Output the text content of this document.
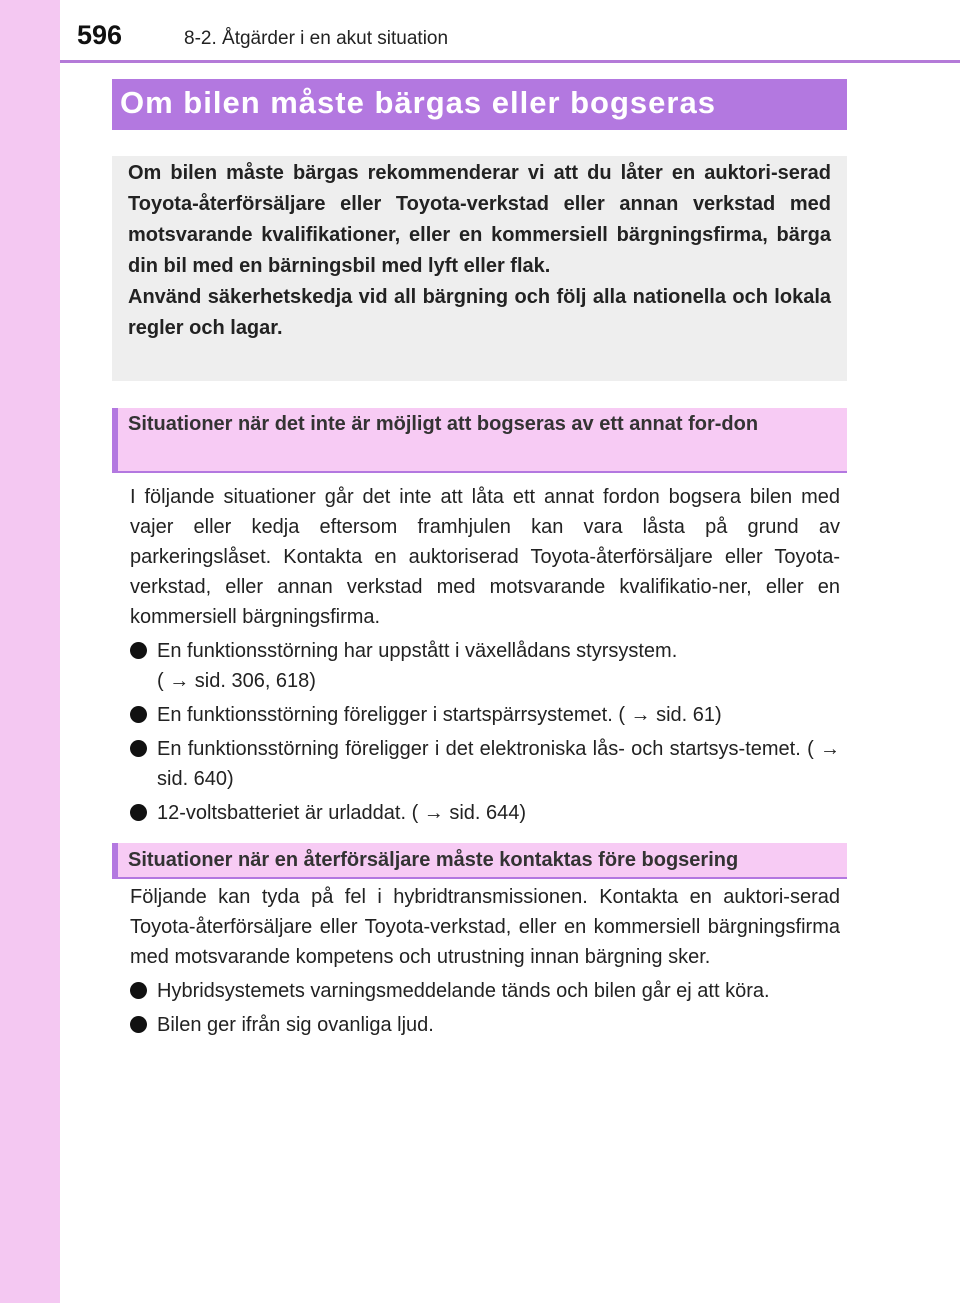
596	8-2. Åtgärder i en akut situation
Om bilen måste bärgas eller bogseras

Om bilen måste bärgas rekommenderar vi att du låter en auktori-serad Toyota-återförsäljare eller Toyota-verkstad eller annan verkstad med motsvarande kvalifikationer, eller en kommersiell bärgningsfirma, bärga din bil med en bärningsbil med lyft eller flak.

Använd säkerhetskedja vid all bärgning och följ alla nationella och lokala regler och lagar.

Situationer när det inte är möjligt att bogseras av ett annat for-don

I följande situationer går det inte att låta ett annat fordon bogsera bilen med vajer eller kedja eftersom framhjulen kan vara låsta på grund av parkeringslåset. Kontakta en auktoriserad Toyota-återförsäljare eller Toyota-verkstad, eller annan verkstad med motsvarande kvalifikatio-ner, eller en kommersiell bärgningsfirma.

En funktionsstörning har uppstått i växellådans styrsystem.
( → sid. 306, 618)

En funktionsstörning föreligger i startspärrsystemet. ( → sid. 61)

En funktionsstörning föreligger i det elektroniska lås- och startsys-temet. ( → sid. 640)

12-voltsbatteriet är urladdat. ( → sid. 644)

Situationer när en återförsäljare måste kontaktas före bogsering

Följande kan tyda på fel i hybridtransmissionen. Kontakta en auktori-serad Toyota-återförsäljare eller Toyota-verkstad, eller en kommersiell bärgningsfirma med motsvarande kompetens och utrustning innan bärgning sker.

Hybridsystemets varningsmeddelande tänds och bilen går ej att köra.

Bilen ger ifrån sig ovanliga ljud.
